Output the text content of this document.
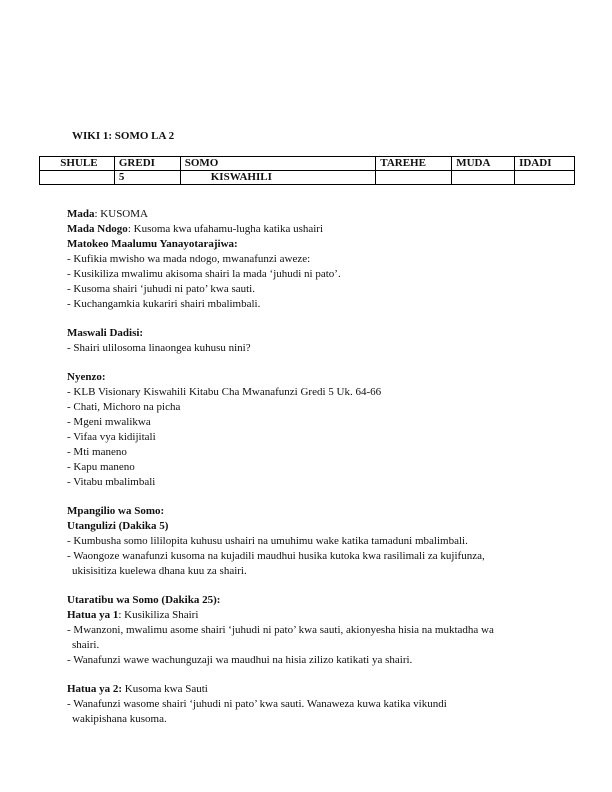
WIKI 1: SOMO LA 2
SHULE	GREDI	SOMO	TAREHE	MUDA	IDADI
	5	KISWAHILI			

Mada: KUSOMA

Mada Ndogo: Kusoma kwa ufahamu-lugha katika ushairi

Matokeo Maalumu Yanayotarajiwa:

- Kufikia mwisho wa mada ndogo, mwanafunzi aweze:

- Kusikiliza mwalimu akisoma shairi la mada ‘juhudi ni pato’.

- Kusoma shairi ‘juhudi ni pato’ kwa sauti.

- Kuchangamkia kukariri shairi mbalimbali.

Maswali Dadisi:

- Shairi ulilosoma linaongea kuhusu nini?

Nyenzo:

- KLB Visionary Kiswahili Kitabu Cha Mwanafunzi Gredi 5 Uk. 64-66

- Chati, Michoro na picha

- Mgeni mwalikwa

- Vifaa vya kidijitali

- Mti maneno

- Kapu maneno

- Vitabu mbalimbali

Mpangilio wa Somo:

Utangulizi (Dakika 5)

- Kumbusha somo lililopita kuhusu ushairi na umuhimu wake katika tamaduni mbalimbali.

- Waongoze wanafunzi kusoma na kujadili maudhui husika kutoka kwa rasilimali za kujifunza,

ukisisitiza kuelewa dhana kuu za shairi.

Utaratibu wa Somo (Dakika 25):

Hatua ya 1: Kusikiliza Shairi

- Mwanzoni, mwalimu asome shairi ‘juhudi ni pato’ kwa sauti, akionyesha hisia na muktadha wa

shairi.

- Wanafunzi wawe wachunguzaji wa maudhui na hisia zilizo katikati ya shairi.

Hatua ya 2: Kusoma kwa Sauti

- Wanafunzi wasome shairi ‘juhudi ni pato’ kwa sauti. Wanaweza kuwa katika vikundi

wakipishana kusoma.
